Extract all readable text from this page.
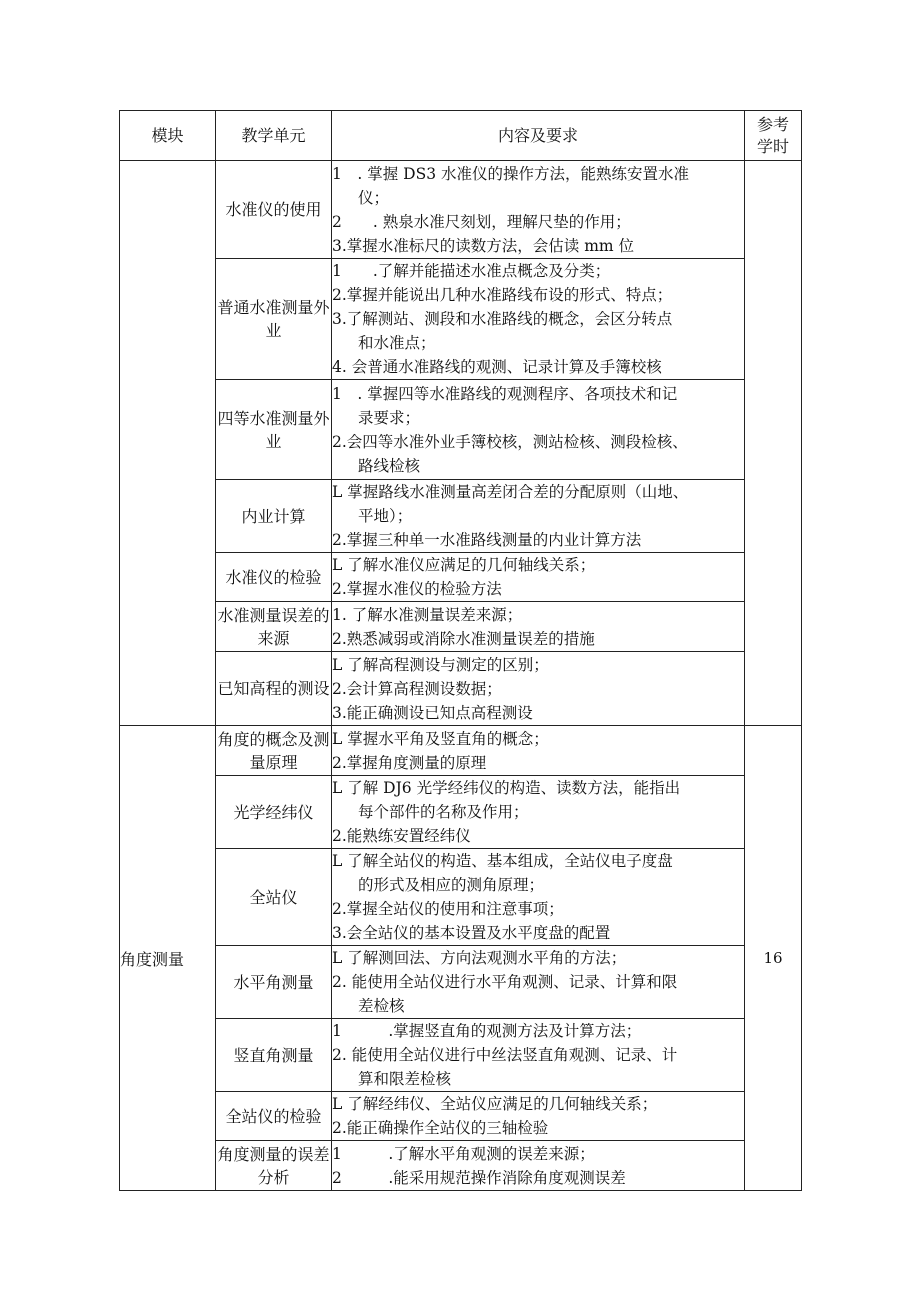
模块	教学单元	内容及要求	参考学时
	水准仪的使用	1　. 掌握 DS3 水准仪的操作方法，能熟练安置水准
仪；
2　　. 熟泉水准尺刻划，理解尺垫的作用；
3.掌握水准标尺的读数方法，会估读 mm 位	

	普通水准测量外业	1　　.了解并能描述水准点概念及分类；
2.掌握并能说出几种水准路线布设的形式、特点；
3.了解测站、测段和水准路线的概念，会区分转点
和水准点；
4. 会普通水准路线的观测、记录计算及手簿校核	

	四等水准测量外业	1　. 掌握四等水准路线的观测程序、各项技术和记
录要求；
2.会四等水准外业手簿校核，测站检核、测段检核、
路线检核	

	内业计算	L 掌握路线水准测量高差闭合差的分配原则（山地、
平地）；
2.掌握三种单一水准路线测量的内业计算方法	

	水准仪的检验	L 了解水准仪应满足的几何轴线关系；
2.掌握水准仪的检验方法	

	水准测量误差的来源	1. 了解水准测量误差来源；
2.熟悉减弱或消除水准测量误差的措施	

	已知高程的测设	L 了解高程测设与测定的区别；
2.会计算高程测设数据；
3.能正确测设已知点高程测设	

角度测量	角度的概念及测量原理	L 掌握水平角及竖直角的概念；
2.掌握角度测量的原理	16
	光学经纬仪	L 了解 DJ6 光学经纬仪的构造、读数方法，能指出
每个部件的名称及作用；
2.能熟练安置经纬仪	

	全站仪	L 了解全站仪的构造、基本组成，全站仪电子度盘
的形式及相应的测角原理；
2.掌握全站仪的使用和注意事项；
3.会全站仪的基本设置及水平度盘的配置	

	水平角测量	L 了解测回法、方向法观测水平角的方法；
2. 能使用全站仪进行水平角观测、记录、计算和限
差检核	

	竖直角测量	1　　　.掌握竖直角的观测方法及计算方法；
2. 能使用全站仪进行中丝法竖直角观测、记录、计
算和限差检核	

	全站仪的检验	L 了解经纬仪、全站仪应满足的几何轴线关系；
2.能正确操作全站仪的三轴检验	

	角度测量的误差分析	1　　　.了解水平角观测的误差来源；
2　　　.能采用规范操作消除角度观测误差	
